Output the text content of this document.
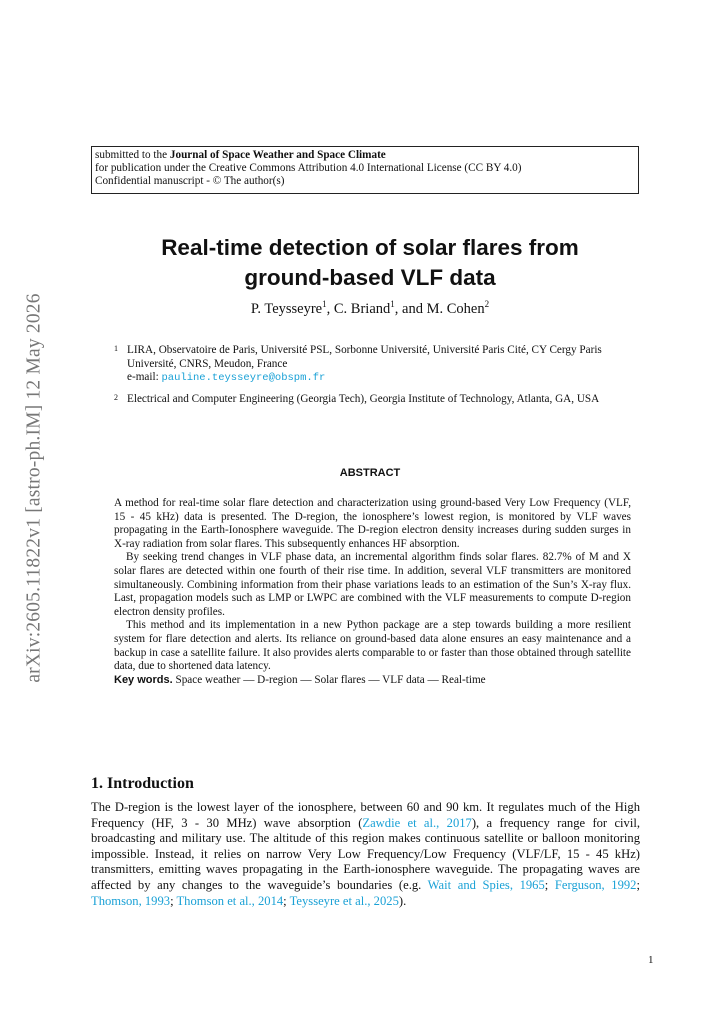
arXiv:2605.11822v1 [astro-ph.IM] 12 May 2026
submitted to the Journal of Space Weather and Space Climate
for publication under the Creative Commons Attribution 4.0 International License (CC BY 4.0)
Confidential manuscript - © The author(s)
Real-time detection of solar flares from
ground-based VLF data
P. Teysseyre$^1$, C. Briand$^1$, and M. Cohen$^2$
1 LIRA, Observatoire de Paris, Université PSL, Sorbonne Université, Université Paris Cité, CY Cergy Paris Université, CNRS, Meudon, France
e-mail: pauline.teysseyre@obspm.fr
2 Electrical and Computer Engineering (Georgia Tech), Georgia Institute of Technology, Atlanta, GA, USA
ABSTRACT

A method for real-time solar flare detection and characterization using ground-based Very Low Frequency (VLF, 15 - 45 kHz) data is presented. The D-region, the ionosphere’s lowest region, is monitored by VLF waves propagating in the Earth-Ionosphere waveguide. The D-region electron density increases during sudden surges in X-ray radiation from solar flares. This subsequently enhances HF absorption.

By seeking trend changes in VLF phase data, an incremental algorithm finds solar flares. 82.7% of M and X solar flares are detected within one fourth of their rise time. In addition, several VLF transmitters are monitored simultaneously. Combining information from their phase variations leads to an estimation of the Sun’s X-ray flux. Last, propagation models such as LMP or LWPC are combined with the VLF measurements to compute D-region electron density profiles.

This method and its implementation in a new Python package are a step towards building a more resilient system for flare detection and alerts. Its reliance on ground-based data alone ensures an easy maintenance and a backup in case a satellite failure. It also provides alerts comparable to or faster than those obtained through satellite data, due to shortened data latency.

Key words. Space weather — D-region — Solar flares — VLF data — Real-time

1. Introduction
The D-region is the lowest layer of the ionosphere, between 60 and 90 km. It regulates much of the High Frequency (HF, 3 - 30 MHz) wave absorption (Zawdie et al., 2017), a frequency range for civil, broadcasting and military use. The altitude of this region makes continuous satellite or balloon monitoring impossible. Instead, it relies on narrow Very Low Frequency/Low Frequency (VLF/LF, 15 - 45 kHz) transmitters, emitting waves propagating in the Earth-ionosphere waveguide. The propagating waves are affected by any changes to the waveguide’s boundaries (e.g. Wait and Spies, 1965; Ferguson, 1992; Thomson, 1993; Thomson et al., 2014; Teysseyre et al., 2025).
1
